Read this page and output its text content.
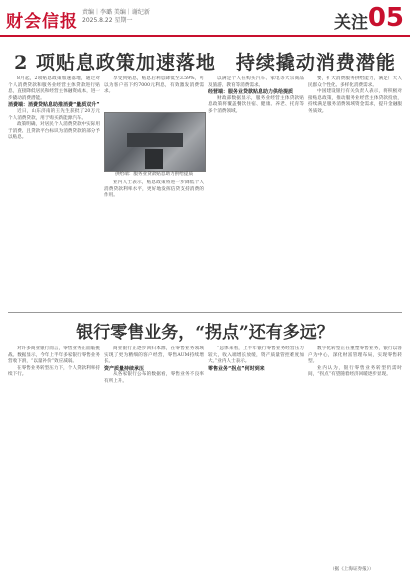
财会信报 责编｜李璐 美编｜谢纪新
2025.8.22 星期一	关注 05
2 项贴息政策加速落地　持续撬动消费潜能

8月起，2项贴息政策加速落地，通过对个人消费贷款和服务业经营主体贷款进行贴息，直接降低居民和经营主体融资成本，进一步撬动消费潜能。

消费端：消费贷贴息助推消费“量质双升”

近日，山东济南的王先生获批了20万元个人消费贷款，用于购买新能源汽车。

政策明确，对居民个人消费贷款中实际用于消费、且贷款平台标识为消费贷款的部分予以贴息。

享受到贴息，贴息后利息降低至3.59%，可以为客户省下约7000元利息，有效激发消费需求。

供给端：服务业贷款贴息助力供给提质

业内人士表示，贴息政策将进一步降低个人消费贷款利率水平，更好地发挥信贷支持消费的作用。

以满足个人在购买汽车、家电等大宗商品及旅游、教育等消费需求。

经营端：服务业贷款贴息助力供给提质

财政部数据显示，服务业经营主体贷款贴息政策将覆盖餐饮住宿、健康、养老、托育等多个消费领域。

要，扩大消费服务供给能力，满足广大人民群众个性化、多样化消费需求。

中国建设银行有关负责人表示，将积极对接贴息政策，推动服务业经营主体贷款投放，持续满足服务消费领域资金需求，提升金融服务质效。

银行零售业务，“拐点”还有多远？

对许多商业银行而言，零售业务正面临挑战。数据显示，今年上半年多家银行零售业务营收下滑，“以量补价”效应减弱。

在零售业务转型压力下，个人贷款利率持续下行。

商业银行正逐步回归本源，在零售业务领域实现了更为精细的客户经营，零售AUM持续增长。

资产质量持续承压

从各家银行公布的数据看，零售业务不良率有所上升。

“总体来看，上半年银行零售业务经营压力较大，收入端增长放缓，资产质量管控难度加大。”业内人士表示。

零售业务“拐点”何时到来

数字化转型正在重塑零售业务，银行以客户为中心，深化财富管理布局，实现零售转型。

业内认为，银行零售业务转型仍需时间，“拐点”有望随着经济回暖逐步显现。

（据《上海证券报》）
